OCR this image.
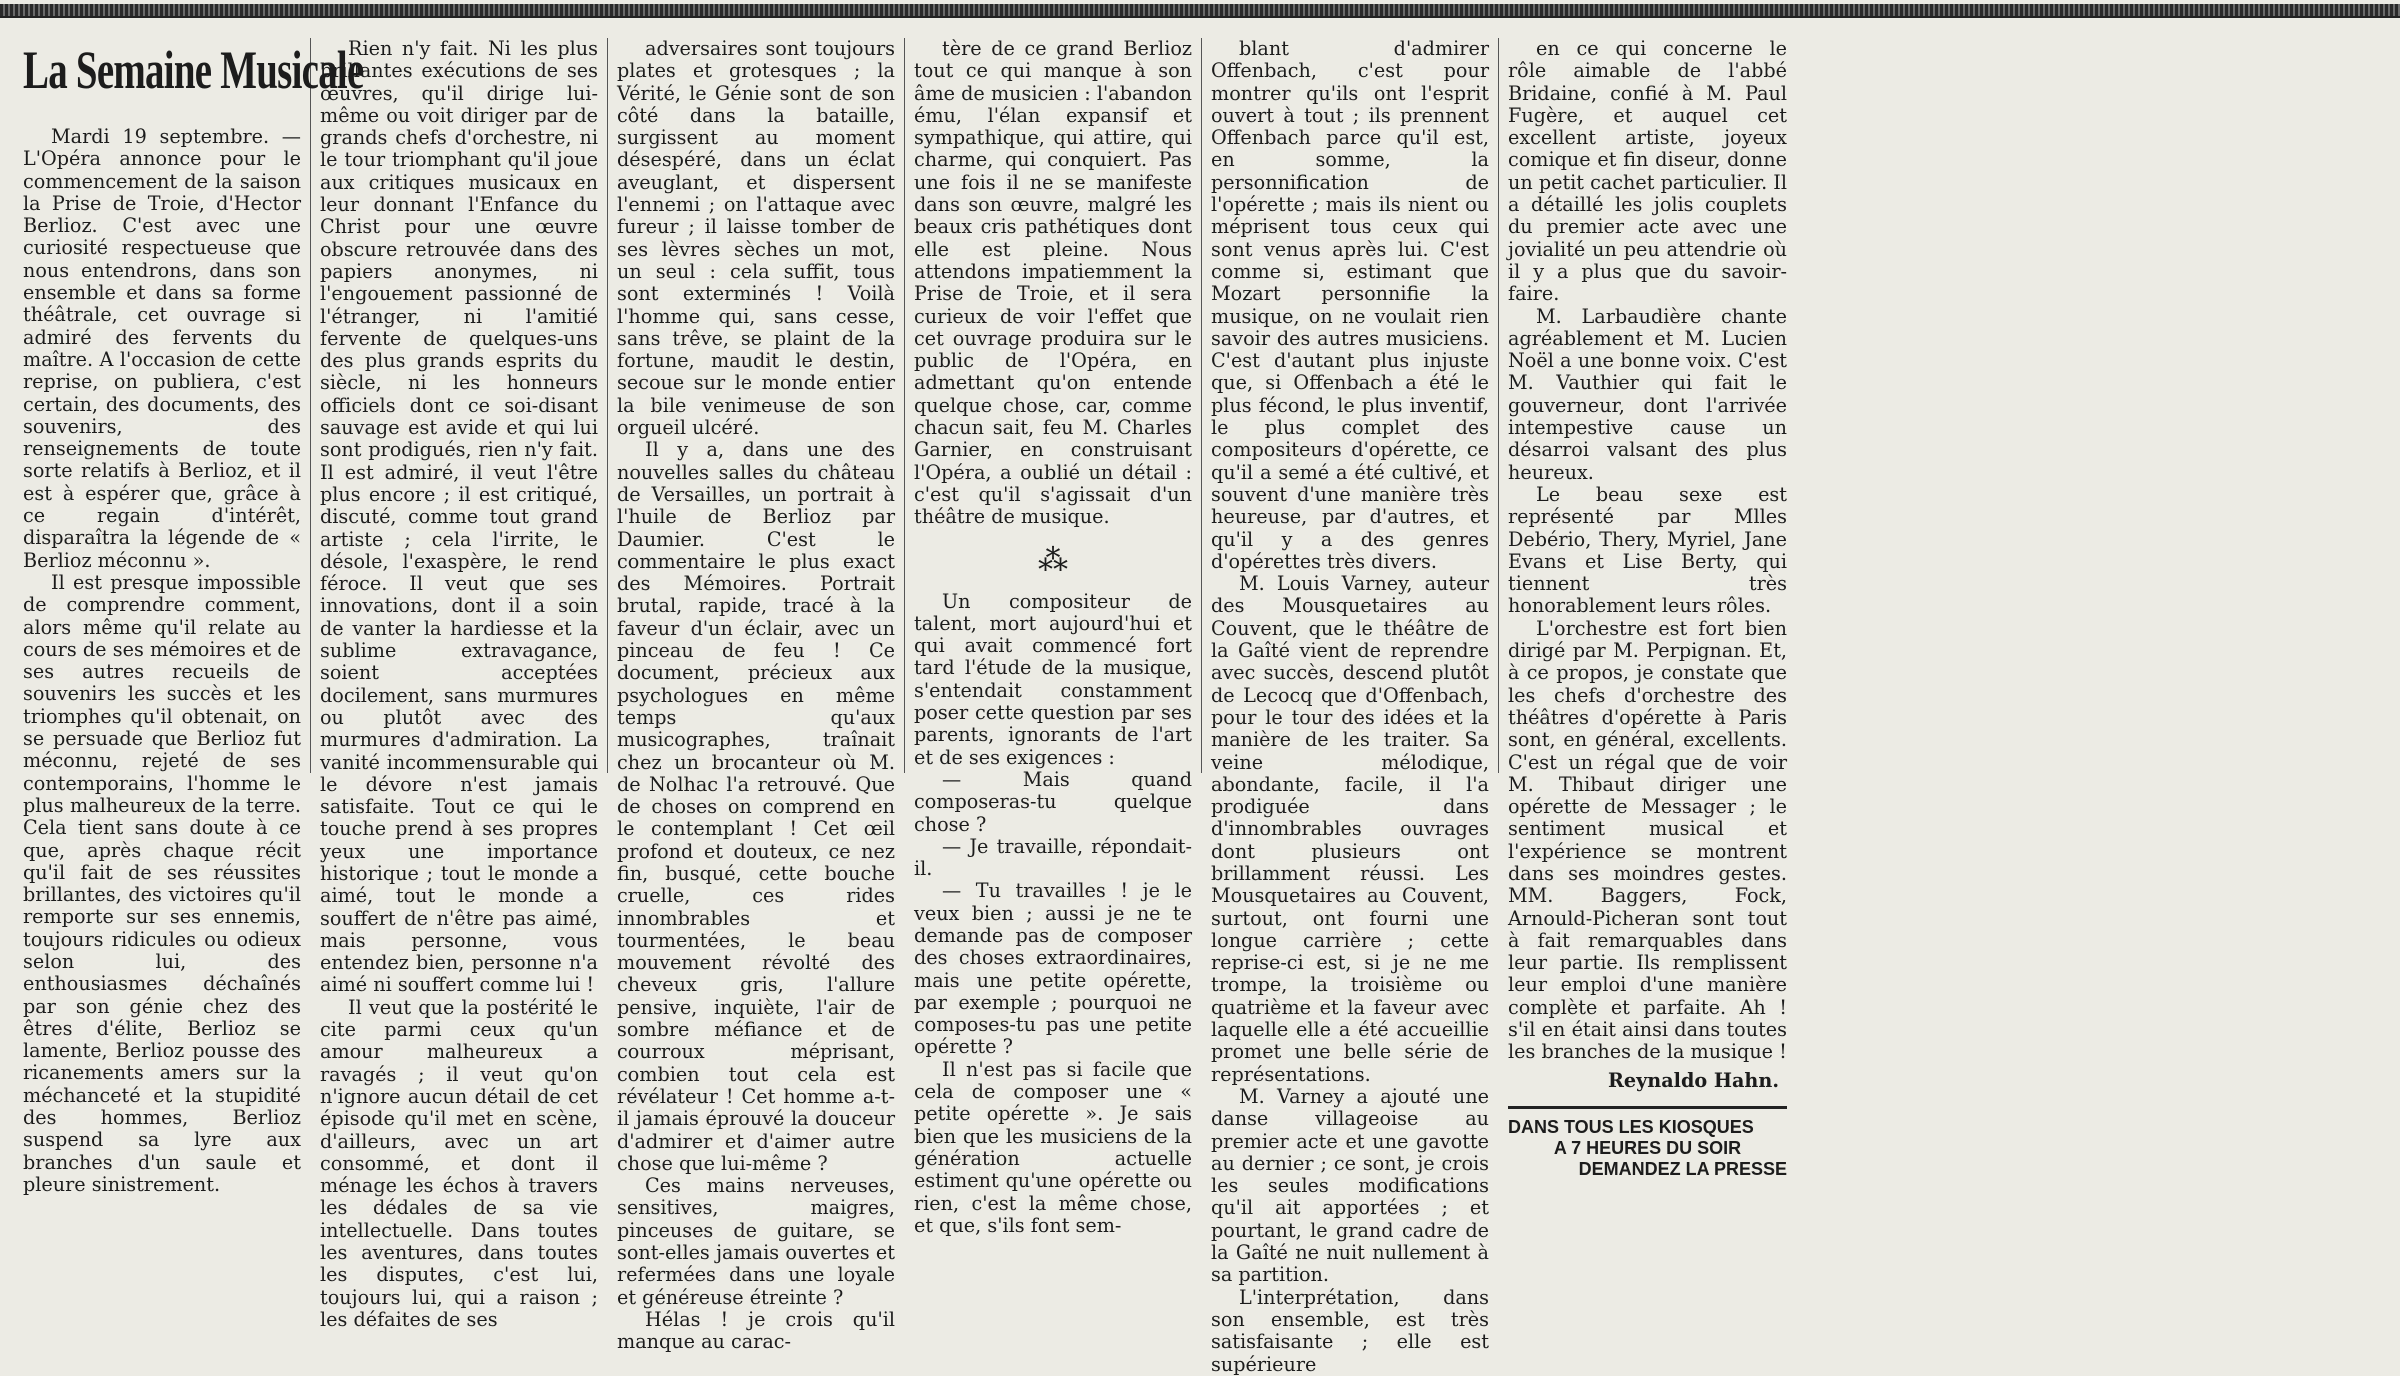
La Semaine Musicale

Mardi 19 septembre. — L'Opéra annonce pour le commencement de la saison la Prise de Troie, d'Hector Berlioz. C'est avec une curiosité respectueuse que nous entendrons, dans son ensemble et dans sa forme théâtrale, cet ouvrage si admiré des fervents du maître. A l'occasion de cette reprise, on publiera, c'est certain, des documents, des souvenirs, des renseignements de toute sorte relatifs à Berlioz, et il est à espérer que, grâce à ce regain d'intérêt, disparaîtra la légende de « Berlioz méconnu ».

Il est presque impossible de comprendre comment, alors même qu'il relate au cours de ses mémoires et de ses autres recueils de souvenirs les succès et les triomphes qu'il obtenait, on se persuade que Berlioz fut méconnu, rejeté de ses contemporains, l'homme le plus malheureux de la terre. Cela tient sans doute à ce que, après chaque récit qu'il fait de ses réussites brillantes, des victoires qu'il remporte sur ses ennemis, toujours ridicules ou odieux selon lui, des enthousiasmes déchaînés par son génie chez des êtres d'élite, Berlioz se lamente, Berlioz pousse des ricanements amers sur la méchanceté et la stupidité des hommes, Berlioz suspend sa lyre aux branches d'un saule et pleure sinistrement.

Rien n'y fait. Ni les plus brillantes exécutions de ses œuvres, qu'il dirige lui-même ou voit diriger par de grands chefs d'orchestre, ni le tour triomphant qu'il joue aux critiques musicaux en leur donnant l'Enfance du Christ pour une œuvre obscure retrouvée dans des papiers anonymes, ni l'engouement passionné de l'étranger, ni l'amitié fervente de quelques-uns des plus grands esprits du siècle, ni les honneurs officiels dont ce soi-disant sauvage est avide et qui lui sont prodigués, rien n'y fait. Il est admiré, il veut l'être plus encore ; il est critiqué, discuté, comme tout grand artiste ; cela l'irrite, le désole, l'exaspère, le rend féroce. Il veut que ses innovations, dont il a soin de vanter la hardiesse et la sublime extravagance, soient acceptées docilement, sans murmures ou plutôt avec des murmures d'admiration. La vanité incommensurable qui le dévore n'est jamais satisfaite. Tout ce qui le touche prend à ses propres yeux une importance historique ; tout le monde a aimé, tout le monde a souffert de n'être pas aimé, mais personne, vous entendez bien, personne n'a aimé ni souffert comme lui !

Il veut que la postérité le cite parmi ceux qu'un amour malheureux a ravagés ; il veut qu'on n'ignore aucun détail de cet épisode qu'il met en scène, d'ailleurs, avec un art consommé, et dont il ménage les échos à travers les dédales de sa vie intellectuelle. Dans toutes les aventures, dans toutes les disputes, c'est lui, toujours lui, qui a raison ; les défaites de ses

adversaires sont toujours plates et grotesques ; la Vérité, le Génie sont de son côté dans la bataille, surgissent au moment désespéré, dans un éclat aveuglant, et dispersent l'ennemi ; on l'attaque avec fureur ; il laisse tomber de ses lèvres sèches un mot, un seul : cela suffit, tous sont exterminés ! Voilà l'homme qui, sans cesse, sans trêve, se plaint de la fortune, maudit le destin, secoue sur le monde entier la bile venimeuse de son orgueil ulcéré.

Il y a, dans une des nouvelles salles du château de Versailles, un portrait à l'huile de Berlioz par Daumier. C'est le commentaire le plus exact des Mémoires. Portrait brutal, rapide, tracé à la faveur d'un éclair, avec un pinceau de feu ! Ce document, précieux aux psychologues en même temps qu'aux musicographes, traînait chez un brocanteur où M. de Nolhac l'a retrouvé. Que de choses on comprend en le contemplant ! Cet œil profond et douteux, ce nez fin, busqué, cette bouche cruelle, ces rides innombrables et tourmentées, le beau mouvement révolté des cheveux gris, l'allure pensive, inquiète, l'air de sombre méfiance et de courroux méprisant, combien tout cela est révélateur ! Cet homme a-t-il jamais éprouvé la douceur d'admirer et d'aimer autre chose que lui-même ?

Ces mains nerveuses, sensitives, maigres, pinceuses de guitare, se sont-elles jamais ouvertes et refermées dans une loyale et généreuse étreinte ?

Hélas ! je crois qu'il manque au carac-

tère de ce grand Berlioz tout ce qui manque à son âme de musicien : l'abandon ému, l'élan expansif et sympathique, qui attire, qui charme, qui conquiert. Pas une fois il ne se manifeste dans son œuvre, malgré les beaux cris pathétiques dont elle est pleine. Nous attendons impatiemment la Prise de Troie, et il sera curieux de voir l'effet que cet ouvrage produira sur le public de l'Opéra, en admettant qu'on entende quelque chose, car, comme chacun sait, feu M. Charles Garnier, en construisant l'Opéra, a oublié un détail : c'est qu'il s'agissait d'un théâtre de musique.

⁂

Un compositeur de talent, mort aujourd'hui et qui avait commencé fort tard l'étude de la musique, s'entendait constamment poser cette question par ses parents, ignorants de l'art et de ses exigences :

— Mais quand composeras-tu quelque chose ?

— Je travaille, répondait-il.

— Tu travailles ! je le veux bien ; aussi je ne te demande pas de composer des choses extraordinaires, mais une petite opérette, par exemple ; pourquoi ne composes-tu pas une petite opérette ?

Il n'est pas si facile que cela de composer une « petite opérette ». Je sais bien que les musiciens de la génération actuelle estiment qu'une opérette ou rien, c'est la même chose, et que, s'ils font sem-

blant d'admirer Offenbach, c'est pour montrer qu'ils ont l'esprit ouvert à tout ; ils prennent Offenbach parce qu'il est, en somme, la personnification de l'opérette ; mais ils nient ou méprisent tous ceux qui sont venus après lui. C'est comme si, estimant que Mozart personnifie la musique, on ne voulait rien savoir des autres musiciens. C'est d'autant plus injuste que, si Offenbach a été le plus fécond, le plus inventif, le plus complet des compositeurs d'opérette, ce qu'il a semé a été cultivé, et souvent d'une manière très heureuse, par d'autres, et qu'il y a des genres d'opérettes très divers.

M. Louis Varney, auteur des Mousquetaires au Couvent, que le théâtre de la Gaîté vient de reprendre avec succès, descend plutôt de Lecocq que d'Offenbach, pour le tour des idées et la manière de les traiter. Sa veine mélodique, abondante, facile, il l'a prodiguée dans d'innombrables ouvrages dont plusieurs ont brillamment réussi. Les Mousquetaires au Couvent, surtout, ont fourni une longue carrière ; cette reprise-ci est, si je ne me trompe, la troisième ou quatrième et la faveur avec laquelle elle a été accueillie promet une belle série de représentations.

M. Varney a ajouté une danse villageoise au premier acte et une gavotte au dernier ; ce sont, je crois les seules modifications qu'il ait apportées ; et pourtant, le grand cadre de la Gaîté ne nuit nullement à sa partition.

L'interprétation, dans son ensemble, est très satisfaisante ; elle est supérieure

en ce qui concerne le rôle aimable de l'abbé Bridaine, confié à M. Paul Fugère, et auquel cet excellent artiste, joyeux comique et fin diseur, donne un petit cachet particulier. Il a détaillé les jolis couplets du premier acte avec une jovialité un peu attendrie où il y a plus que du savoir-faire.

M. Larbaudière chante agréablement et M. Lucien Noël a une bonne voix. C'est M. Vauthier qui fait le gouverneur, dont l'arrivée intempestive cause un désarroi valsant des plus heureux.

Le beau sexe est représenté par Mlles Debério, Thery, Myriel, Jane Evans et Lise Berty, qui tiennent très honorablement leurs rôles.

L'orchestre est fort bien dirigé par M. Perpignan. Et, à ce propos, je constate que les chefs d'orchestre des théâtres d'opérette à Paris sont, en général, excellents. C'est un régal que de voir M. Thibaut diriger une opérette de Messager ; le sentiment musical et l'expérience se montrent dans ses moindres gestes. MM. Baggers, Fock, Arnould-Picheran sont tout à fait remarquables dans leur partie. Ils remplissent leur emploi d'une manière complète et parfaite. Ah ! s'il en était ainsi dans toutes les branches de la musique !

Reynaldo Hahn.
DANS TOUS LES KIOSQUES
A 7 HEURES DU SOIR
DEMANDEZ LA PRESSE
